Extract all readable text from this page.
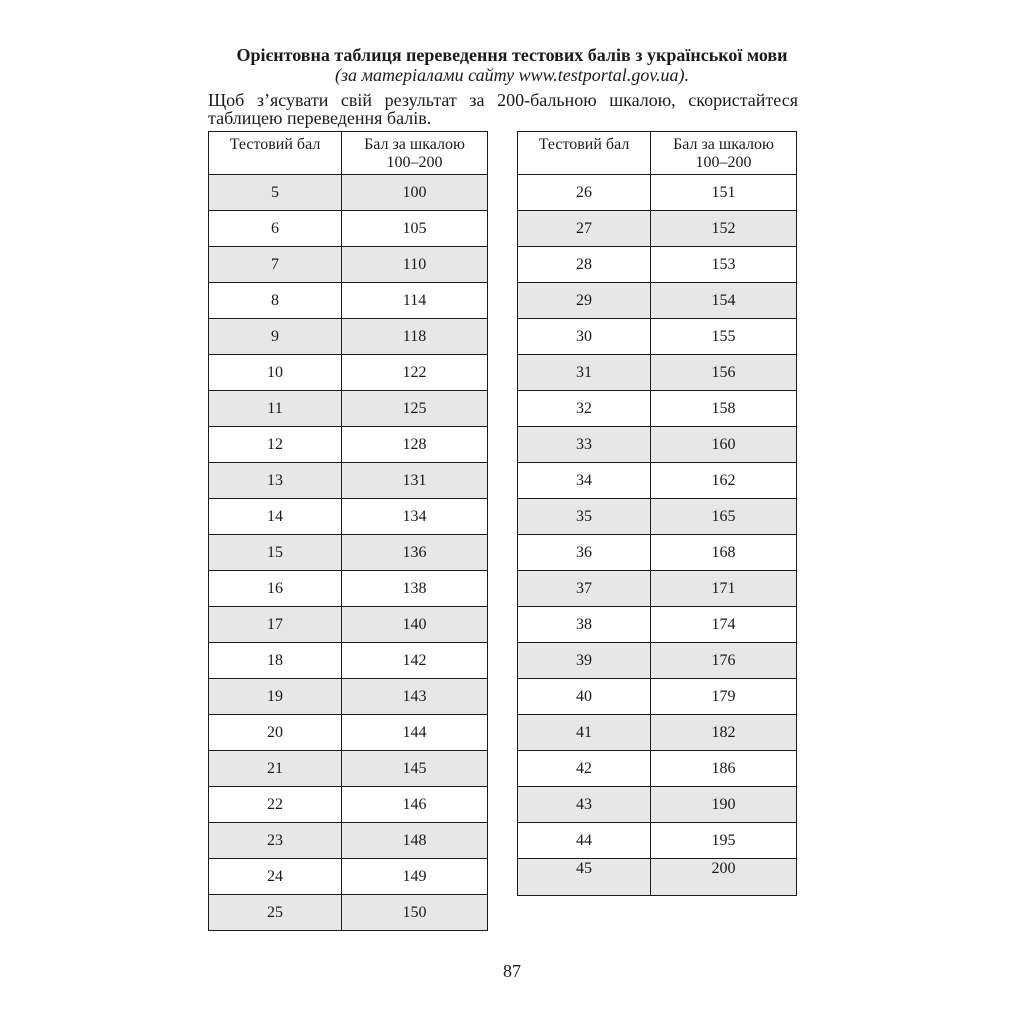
Орієнтовна таблиця переведення тестових балів з української мови
(за матеріалами сайту www.testportal.gov.ua).
Щоб з’ясувати свій результат за 200-бальною шкалою, скористайтеся таблицею переведення балів.
Тестовий бал	Бал за шкалою
100–200
5	100
6	105
7	110
8	114
9	118
10	122
11	125
12	128
13	131
14	134
15	136
16	138
17	140
18	142
19	143
20	144
21	145
22	146
23	148
24	149
25	150
Тестовий бал	Бал за шкалою
100–200
26	151
27	152
28	153
29	154
30	155
31	156
32	158
33	160
34	162
35	165
36	168
37	171
38	174
39	176
40	179
41	182
42	186
43	190
44	195
45	200
87
